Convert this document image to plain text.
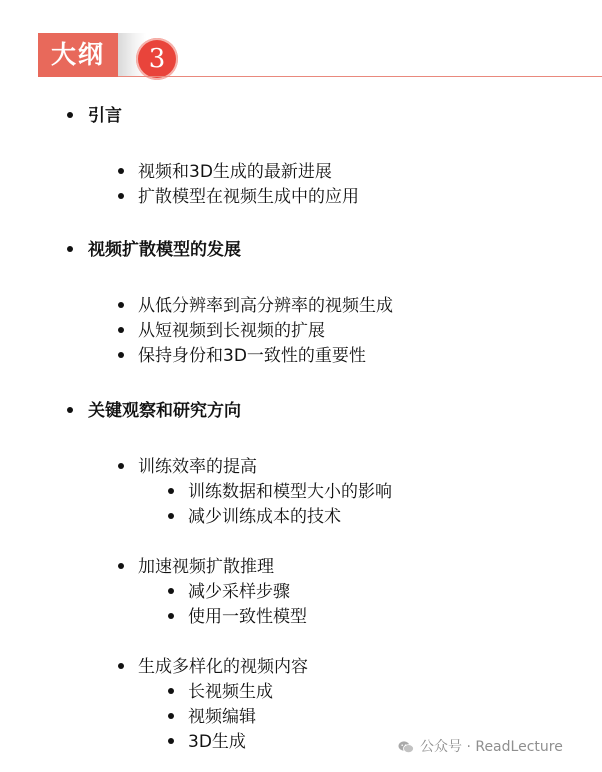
大纲	3
引言
视频和3D生成的最新进展
扩散模型在视频生成中的应用
视频扩散模型的发展
从低分辨率到高分辨率的视频生成
从短视频到长视频的扩展
保持身份和3D一致性的重要性
关键观察和研究方向
训练效率的提高
训练数据和模型大小的影响
减少训练成本的技术
加速视频扩散推理
减少采样步骤
使用一致性模型
生成多样化的视频内容
长视频生成
视频编辑
3D生成	公众号 · ReadLecture
